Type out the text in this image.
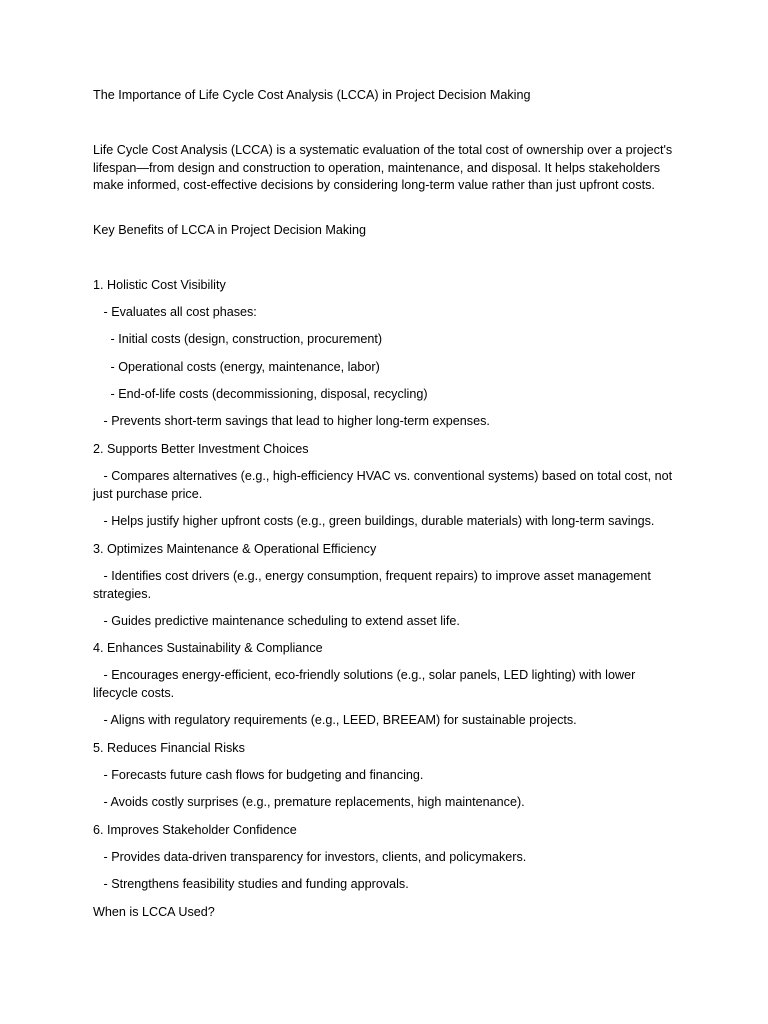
The Importance of Life Cycle Cost Analysis (LCCA) in Project Decision Making
Life Cycle Cost Analysis (LCCA) is a systematic evaluation of the total cost of ownership over a project's lifespan—from design and construction to operation, maintenance, and disposal. It helps stakeholders make informed, cost-effective decisions by considering long-term value rather than just upfront costs.
Key Benefits of LCCA in Project Decision Making
1. Holistic Cost Visibility
- Evaluates all cost phases:
- Initial costs (design, construction, procurement)
- Operational costs (energy, maintenance, labor)
- End-of-life costs (decommissioning, disposal, recycling)
- Prevents short-term savings that lead to higher long-term expenses.
2. Supports Better Investment Choices
- Compares alternatives (e.g., high-efficiency HVAC vs. conventional systems) based on total cost, not just purchase price.
- Helps justify higher upfront costs (e.g., green buildings, durable materials) with long-term savings.
3. Optimizes Maintenance & Operational Efficiency
- Identifies cost drivers (e.g., energy consumption, frequent repairs) to improve asset management strategies.
- Guides predictive maintenance scheduling to extend asset life.
4. Enhances Sustainability & Compliance
- Encourages energy-efficient, eco-friendly solutions (e.g., solar panels, LED lighting) with lower lifecycle costs.
- Aligns with regulatory requirements (e.g., LEED, BREEAM) for sustainable projects.
5. Reduces Financial Risks
- Forecasts future cash flows for budgeting and financing.
- Avoids costly surprises (e.g., premature replacements, high maintenance).
6. Improves Stakeholder Confidence
- Provides data-driven transparency for investors, clients, and policymakers.
- Strengthens feasibility studies and funding approvals.
When is LCCA Used?
